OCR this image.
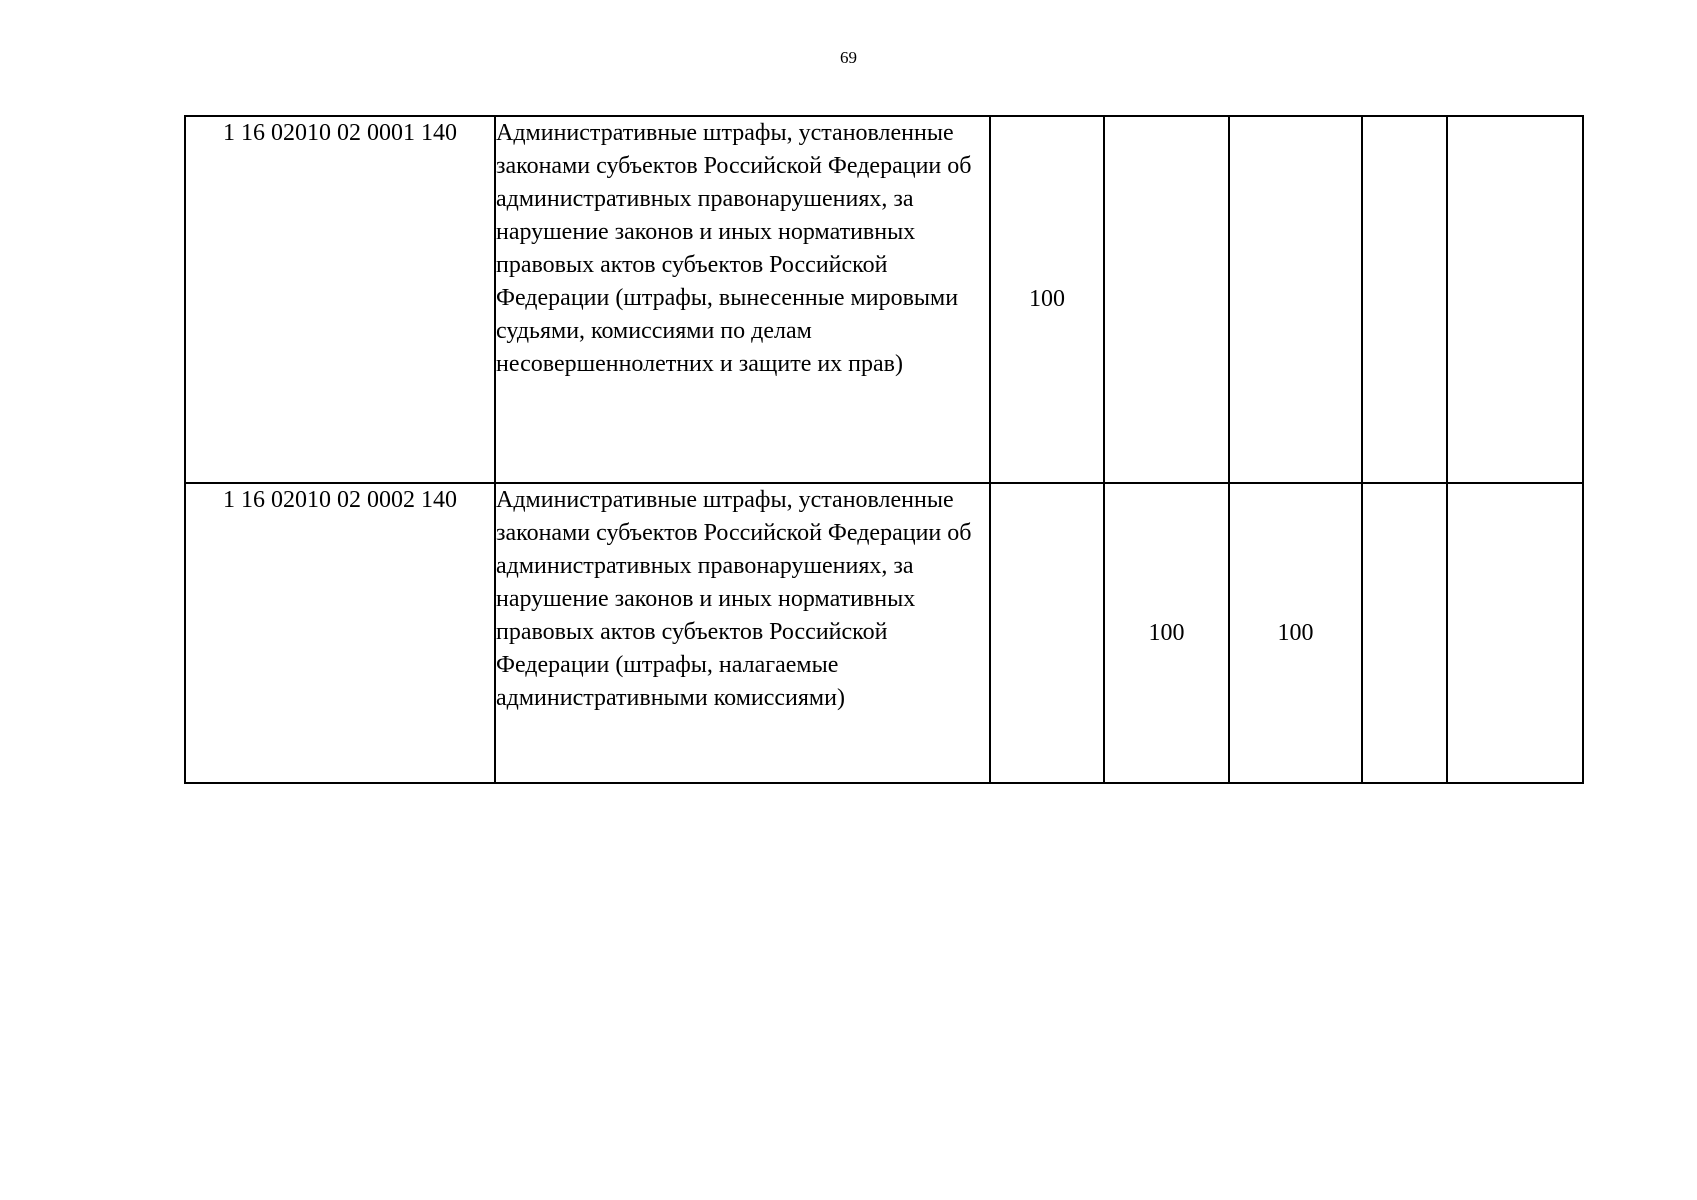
69
1 16 02010 02 0001 140	Административные штрафы, установленные законами субъектов Российской Федерации об административных правонарушениях, за нарушение законов и иных нормативных правовых актов субъектов Российской Федерации (штрафы, вынесенные мировыми судьями, комиссиями по делам несовершеннолетних и защите их прав)	100				
1 16 02010 02 0002 140	Административные штрафы, установленные законами субъектов Российской Федерации об административных правонарушениях, за нарушение законов и иных нормативных правовых актов субъектов Российской Федерации (штрафы, налагаемые административными комиссиями)		100	100		
